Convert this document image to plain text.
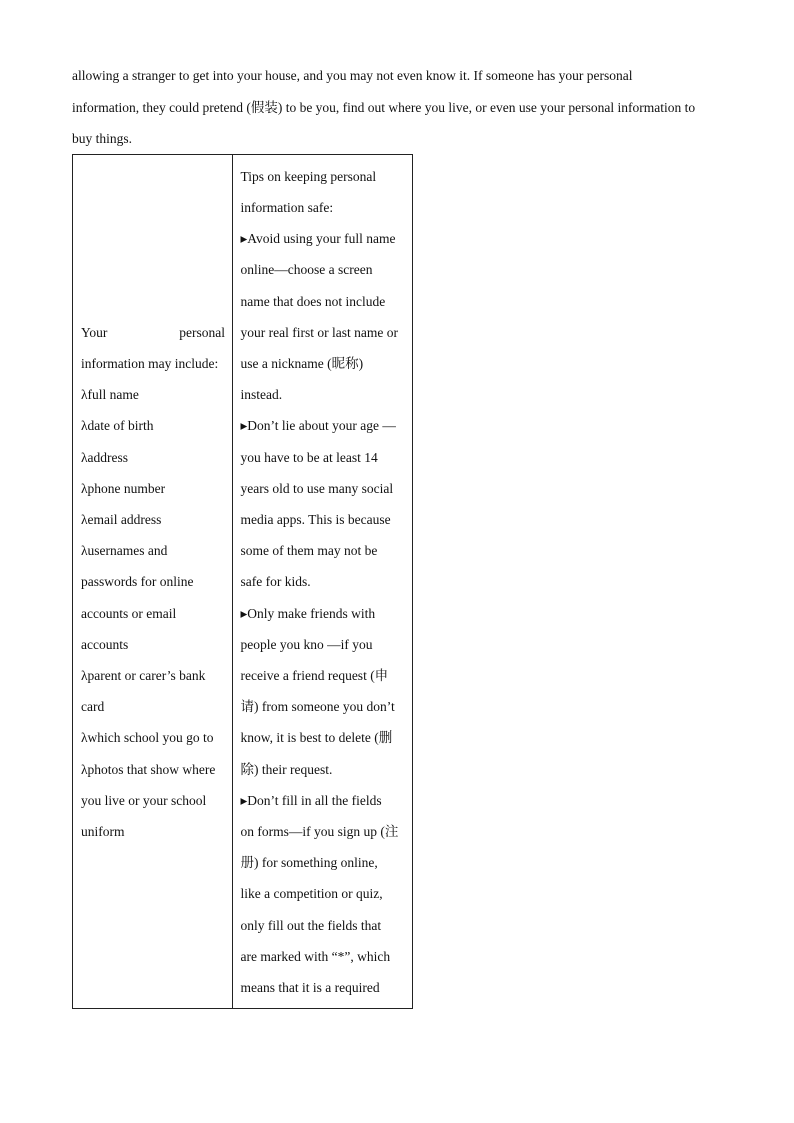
allowing a stranger to get into your house, and you may not even know it. If someone has your personal
information, they could pretend (假装) to be you, find out where you live, or even use your personal information to
buy things.
Your	personal
information may include:
λfull name
λdate of birth
λaddress
λphone number
λemail address
λusernames and
passwords for online
accounts or email
accounts
λparent or carer’s bank
card
λwhich school you go to
λphotos that show where
you live or your school
uniform

Tips on keeping personal
information safe:
▸Avoid using your full name
online—choose a screen
name that does not include
your real first or last name or
use a nickname (昵称)
instead.
▸Don’t lie about your age —
you have to be at least 14
years old to use many social
media apps. This is because
some of them may not be
safe for kids.
▸Only make friends with
people you kno —if you
receive a friend request (申
请) from someone you don’t
know, it is best to delete (删
除) their request.
▸Don’t fill in all the fields
on forms—if you sign up (注
册) for something online,
like a competition or quiz,
only fill out the fields that
are marked with “*”, which
means that it is a required
